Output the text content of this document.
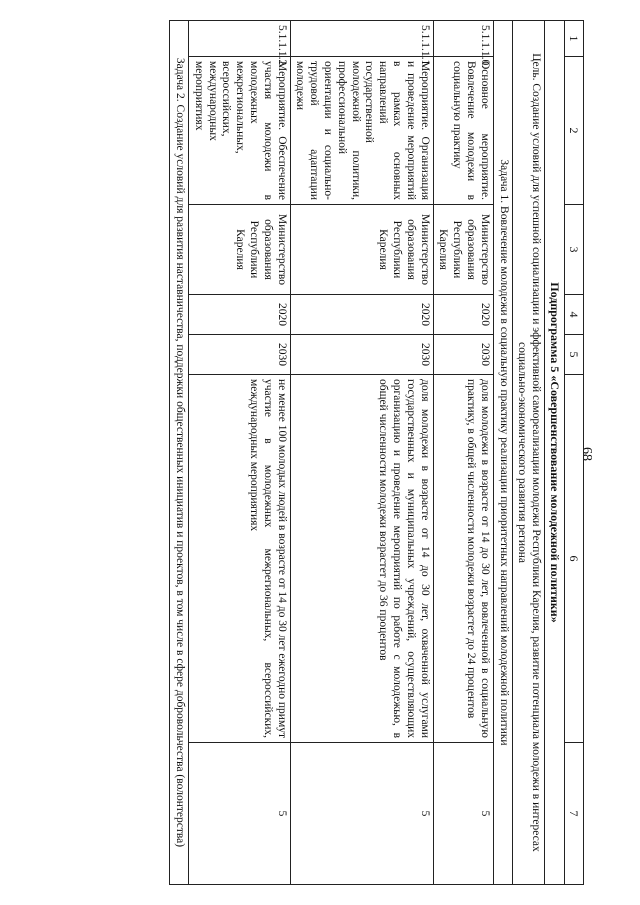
68
1	2	3	4	5	6	7
Подпрограмма 5 «Совершенствование молодежной политики»						
Цель. Создание условий для успешной социализации и эффективной самореализации молодежи Республики Карелия, развитие потенциала молодежи в интересах социально-экономического развития региона						
Задача 1. Вовлечение молодежи в социальную практику реализации приоритетных направлений молодежной политики						
5.1.1.1.0.	Основное мероприятие. Вовлечение молодежи в социальную практику	Министерство образования Республики Карелия	2020	2030	доля молодежи в возрасте от 14 до 30 лет, вовлеченной в социальную практику, в общей численности молодежи возрастет до 24 процентов	5
5.1.1.1.1.	Мероприятие. Организация и проведение мероприятий в рамках основных направлений государственной молодежной политики, профессиональной ориентации и социально-трудовой адаптации молодежи	Министерство образования Республики Карелия	2020	2030	доля молодежи в возрасте от 14 до 30 лет, охваченной услугами государственных и муниципальных учреждений, осуществляющих организацию и проведение мероприятий по работе с молодежью, в общей численности молодежи возрастет до 36 процентов	5
5.1.1.1.2.	Мероприятие. Обеспечение участия молодежи в молодежных межрегиональных, всероссийских, международных мероприятиях	Министерство образования Республики Карелия	2020	2030	не менее 100 молодых людей в возрасте от 14 до 30 лет ежегодно примут участие в молодежных межрегиональных, всероссийских, международных мероприятиях	5
Задача 2. Создание условий для развития наставничества, поддержки общественных инициатив и проектов, в том числе в сфере добровольчества (волонтерства)						
